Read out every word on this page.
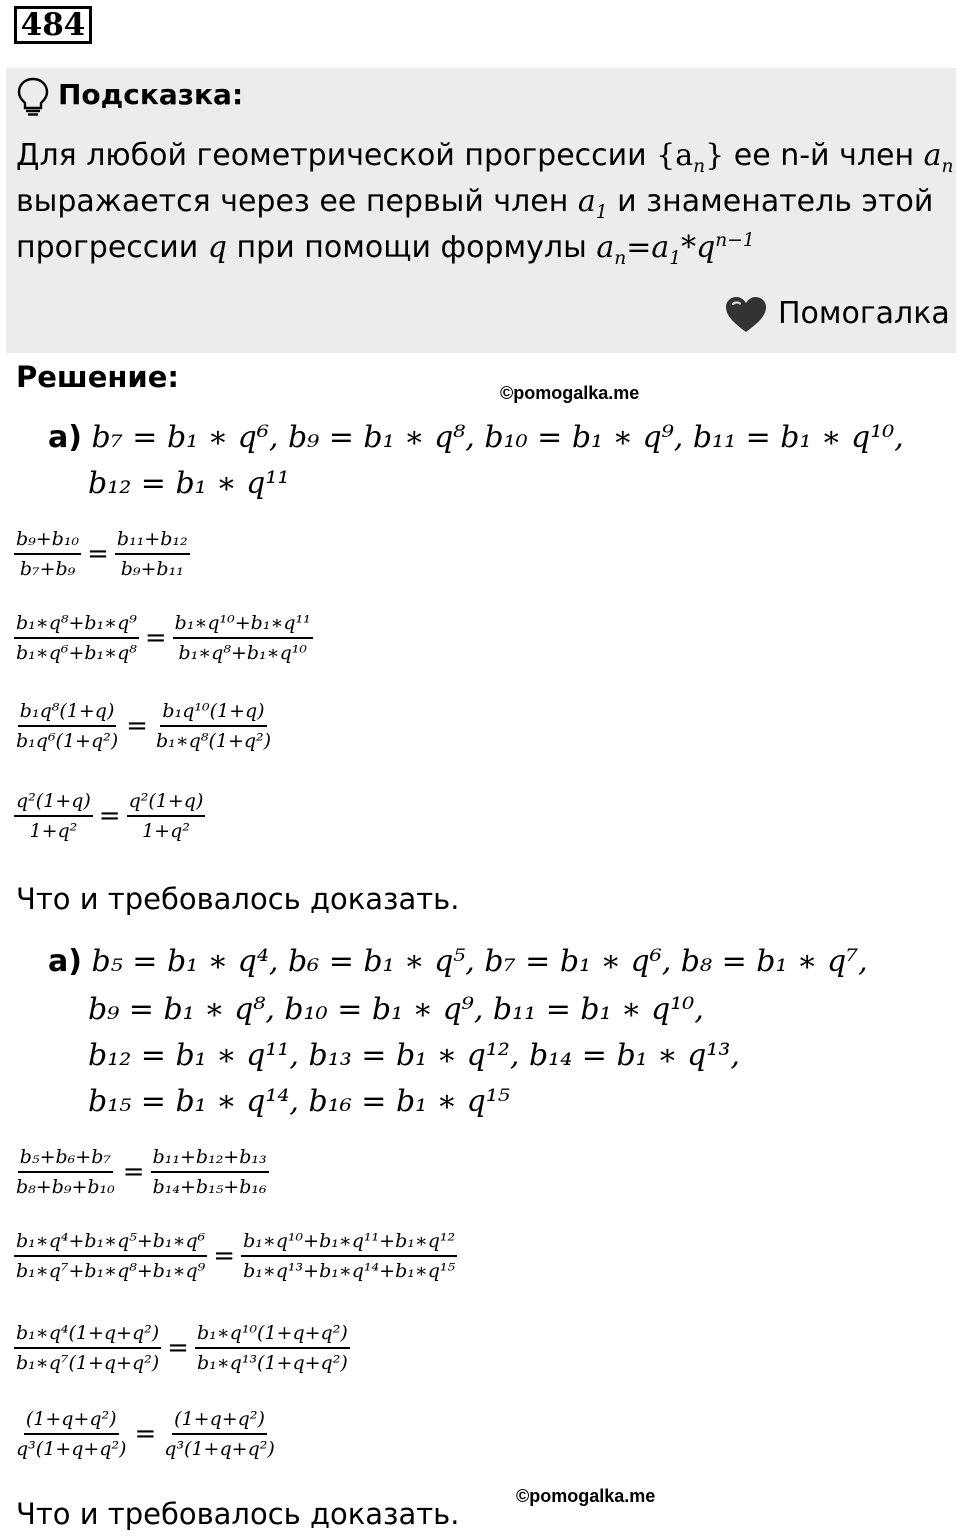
484
Подсказка:
Для любой геометрической прогрессии $\{a_n\}$ ее n-й член $a_n$
выражается через ее первый член $a_1$ и знаменатель этой
прогрессии q при помощи формулы $a_n=a_1*q^{n-1}$
Помогалка
Решение:	©pomogalka.me
а) b₇ = b₁ ∗ q⁶, b₉ = b₁ ∗ q⁸, b₁₀ = b₁ ∗ q⁹, b₁₁ = b₁ ∗ q¹⁰,
b₁₂ = b₁ ∗ q¹¹
$\frac{\text{b₉+b₁₀}}{\text{b₇+b₉}} = \frac{\text{b₁₁+b₁₂}}{\text{b₉+b₁₁}}$
$\frac{\text{b₁∗q⁸+b₁∗q⁹}}{\text{b₁∗q⁶+b₁∗q⁸}} = \frac{\text{b₁∗q¹⁰+b₁∗q¹¹}}{\text{b₁∗q⁸+b₁∗q¹⁰}}$
$\frac{\text{b₁q⁸(1+q)}}{\text{b₁q⁶(1+q²)}} = \frac{\text{b₁q¹⁰(1+q)}}{\text{b₁∗q⁸(1+q²)}}$
$\frac{\text{q²(1+q)}}{\text{1+q²}} = \frac{\text{q²(1+q)}}{\text{1+q²}}$
Что и требовалось доказать.
а) b₅ = b₁ ∗ q⁴, b₆ = b₁ ∗ q⁵, b₇ = b₁ ∗ q⁶, b₈ = b₁ ∗ q⁷,
b₉ = b₁ ∗ q⁸, b₁₀ = b₁ ∗ q⁹, b₁₁ = b₁ ∗ q¹⁰,
b₁₂ = b₁ ∗ q¹¹, b₁₃ = b₁ ∗ q¹², b₁₄ = b₁ ∗ q¹³,
b₁₅ = b₁ ∗ q¹⁴, b₁₆ = b₁ ∗ q¹⁵
$\frac{\text{b₅+b₆+b₇}}{\text{b₈+b₉+b₁₀}} = \frac{\text{b₁₁+b₁₂+b₁₃}}{\text{b₁₄+b₁₅+b₁₆}}$
$\frac{\text{b₁∗q⁴+b₁∗q⁵+b₁∗q⁶}}{\text{b₁∗q⁷+b₁∗q⁸+b₁∗q⁹}} = \frac{\text{b₁∗q¹⁰+b₁∗q¹¹+b₁∗q¹²}}{\text{b₁∗q¹³+b₁∗q¹⁴+b₁∗q¹⁵}}$
$\frac{\text{b₁∗q⁴(1+q+q²)}}{\text{b₁∗q⁷(1+q+q²)}} = \frac{\text{b₁∗q¹⁰(1+q+q²)}}{\text{b₁∗q¹³(1+q+q²)}}$
$\frac{\text{(1+q+q²)}}{\text{q³(1+q+q²)}} = \frac{\text{(1+q+q²)}}{\text{q³(1+q+q²)}}$
©pomogalka.me
Что и требовалось доказать.
